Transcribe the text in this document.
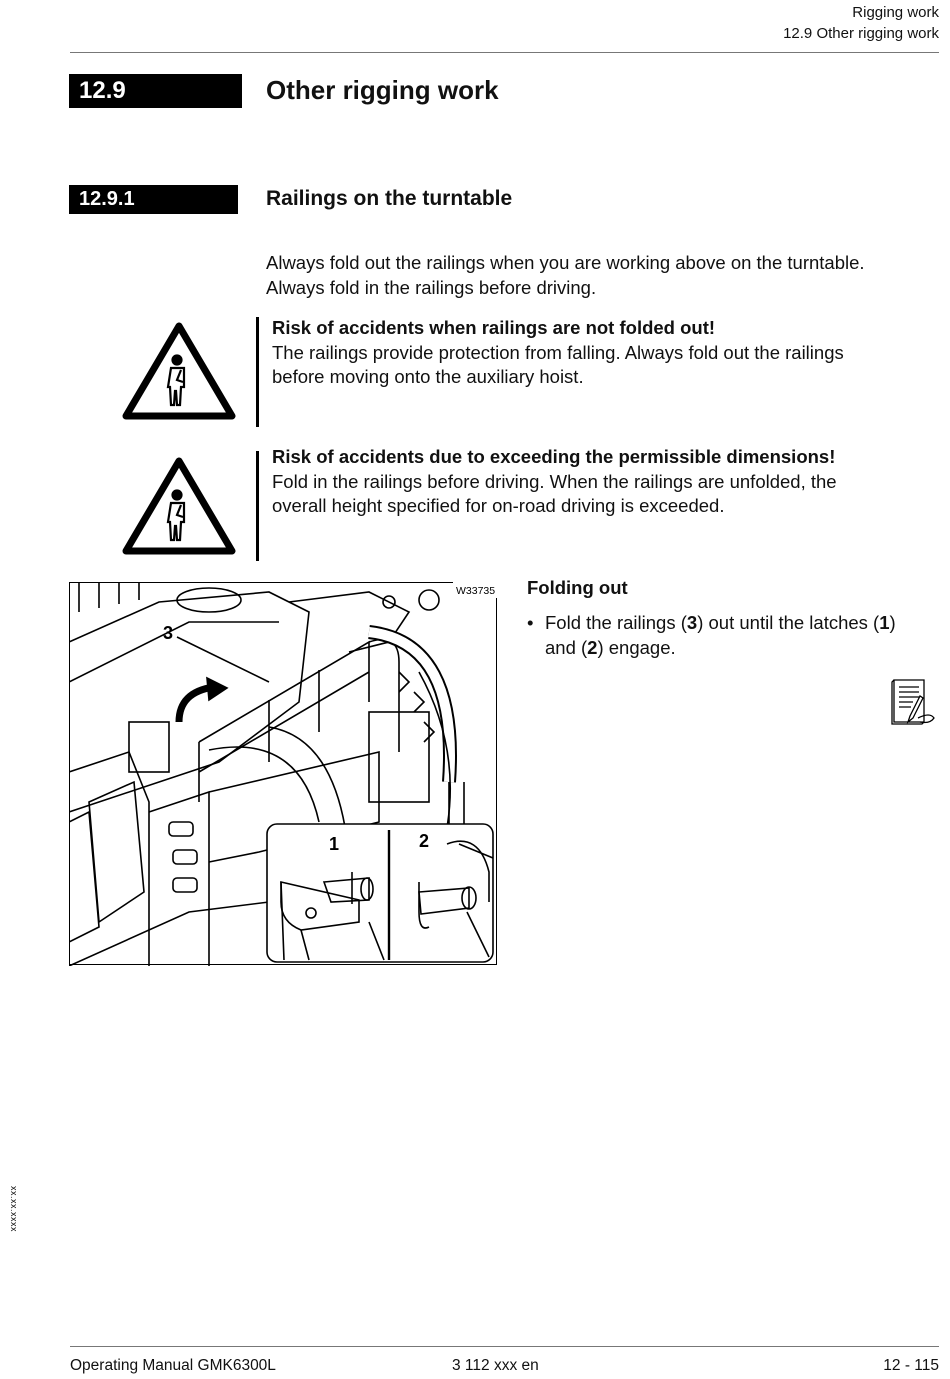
Rigging work
12.9 Other rigging work
12.9	Other rigging work
12.9.1	Railings on the turntable
Always fold out the railings when you are working above on the turntable.
Always fold in the railings before driving.
Risk of accidents when railings are not folded out!
The railings provide protection from falling. Always fold out the railings
before moving onto the auxiliary hoist.
Risk of accidents due to exceeding the permissible dimensions!
Fold in the railings before driving. When the railings are unfolded, the
overall height specified for on-road driving is exceeded.
3
1	2
W33735 Folding out
• Fold the railings (3) out until the latches (1)
and (2) engage.
xx.xx.xxxx
Operating Manual GMK6300L	3 112 xxx en	12 - 115
